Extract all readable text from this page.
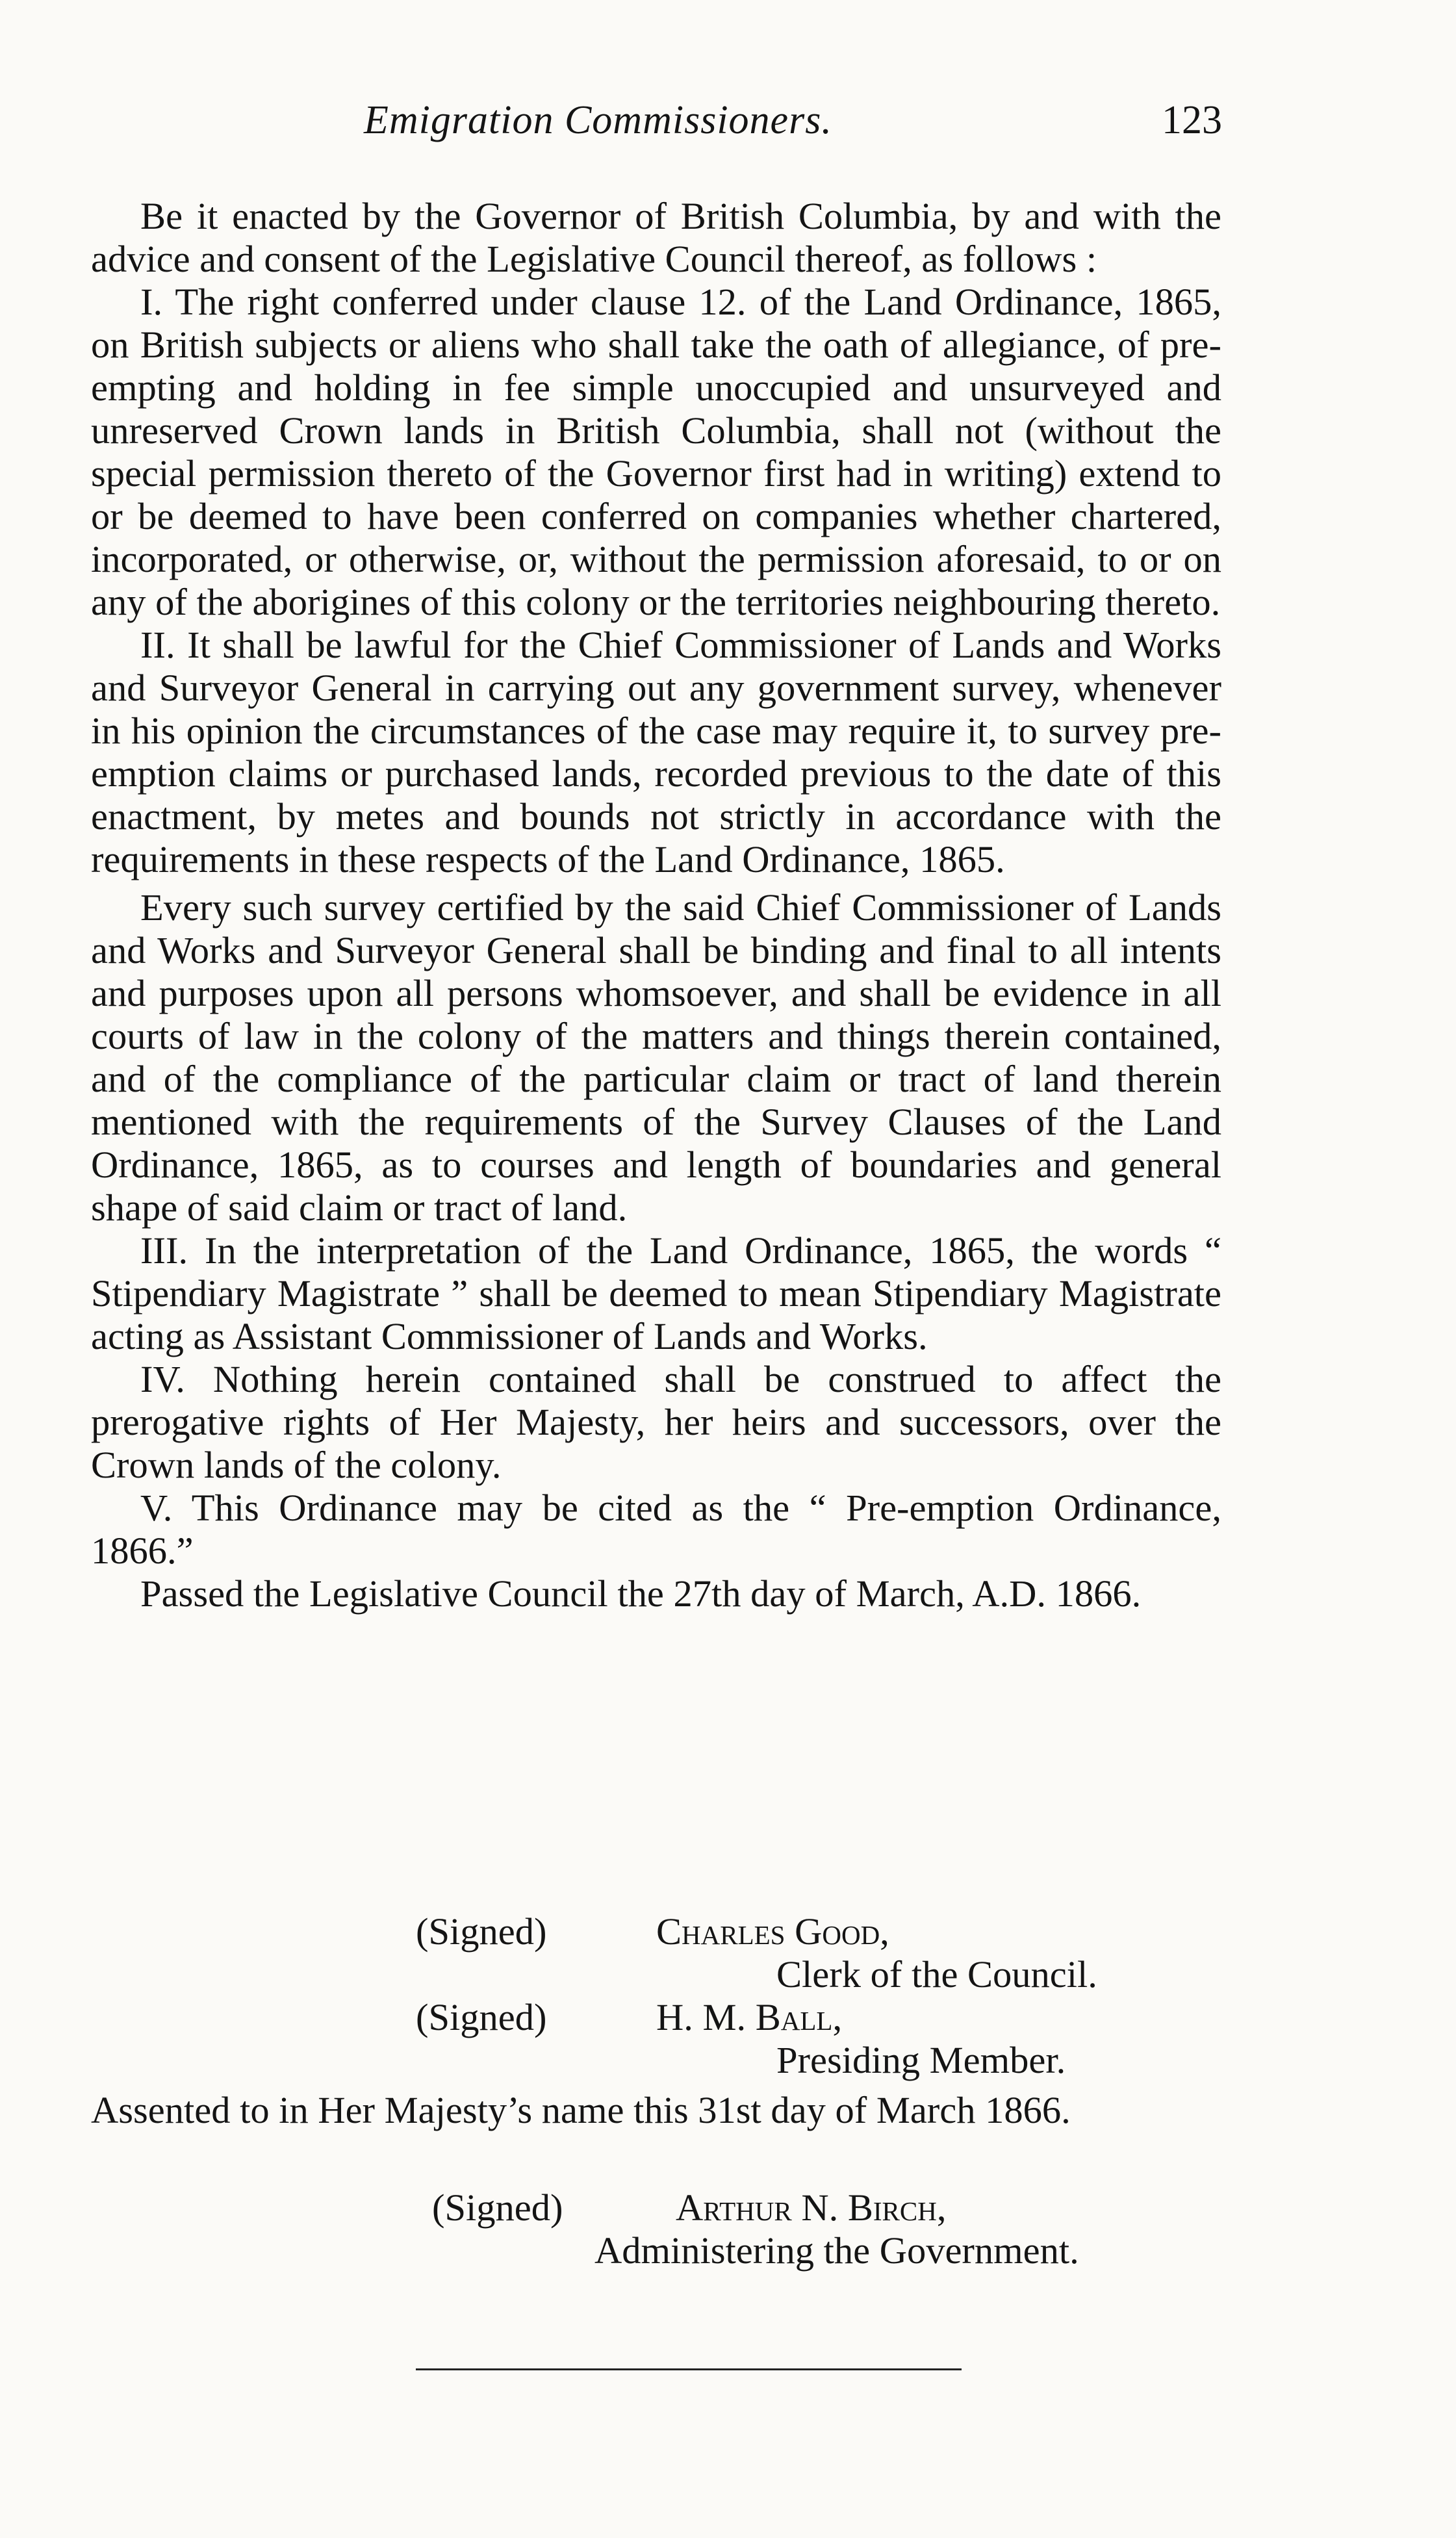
Emigration Commissioners.	123

Be it enacted by the Governor of British Columbia, by and with the advice and consent of the Legislative Council thereof, as follows :

I. The right conferred under clause 12. of the Land Ordinance, 1865, on British subjects or aliens who shall take the oath of allegiance, of pre-empting and holding in fee simple unoccupied and unsurveyed and unreserved Crown lands in British Columbia, shall not (without the special permission thereto of the Governor first had in writing) extend to or be deemed to have been conferred on companies whether chartered, incorporated, or otherwise, or, without the permission aforesaid, to or on any of the aborigines of this colony or the territories neighbouring thereto.

II. It shall be lawful for the Chief Commissioner of Lands and Works and Surveyor General in carrying out any government survey, whenever in his opinion the circumstances of the case may require it, to survey pre-emption claims or purchased lands, recorded previous to the date of this enactment, by metes and bounds not strictly in accordance with the requirements in these respects of the Land Ordinance, 1865.

Every such survey certified by the said Chief Commissioner of Lands and Works and Surveyor General shall be binding and final to all intents and purposes upon all persons whomsoever, and shall be evidence in all courts of law in the colony of the matters and things therein contained, and of the compliance of the particular claim or tract of land therein mentioned with the requirements of the Survey Clauses of the Land Ordinance, 1865, as to courses and length of boundaries and general shape of said claim or tract of land.

III. In the interpretation of the Land Ordinance, 1865, the words “ Stipendiary Magistrate ” shall be deemed to mean Stipendiary Magistrate acting as Assistant Commissioner of Lands and Works.

IV. Nothing herein contained shall be construed to affect the prerogative rights of Her Majesty, her heirs and successors, over the Crown lands of the colony.

V. This Ordinance may be cited as the “ Pre-emption Ordinance, 1866.”

Passed the Legislative Council the 27th day of March, A.D. 1866.

(Signed)	Charles Good,
Clerk of the Council.
(Signed)	H. M. Ball,
Presiding Member.
Assented to in Her Majesty’s name this 31st day of March 1866.
(Signed)	Arthur N. Birch,
Administering the Government.
